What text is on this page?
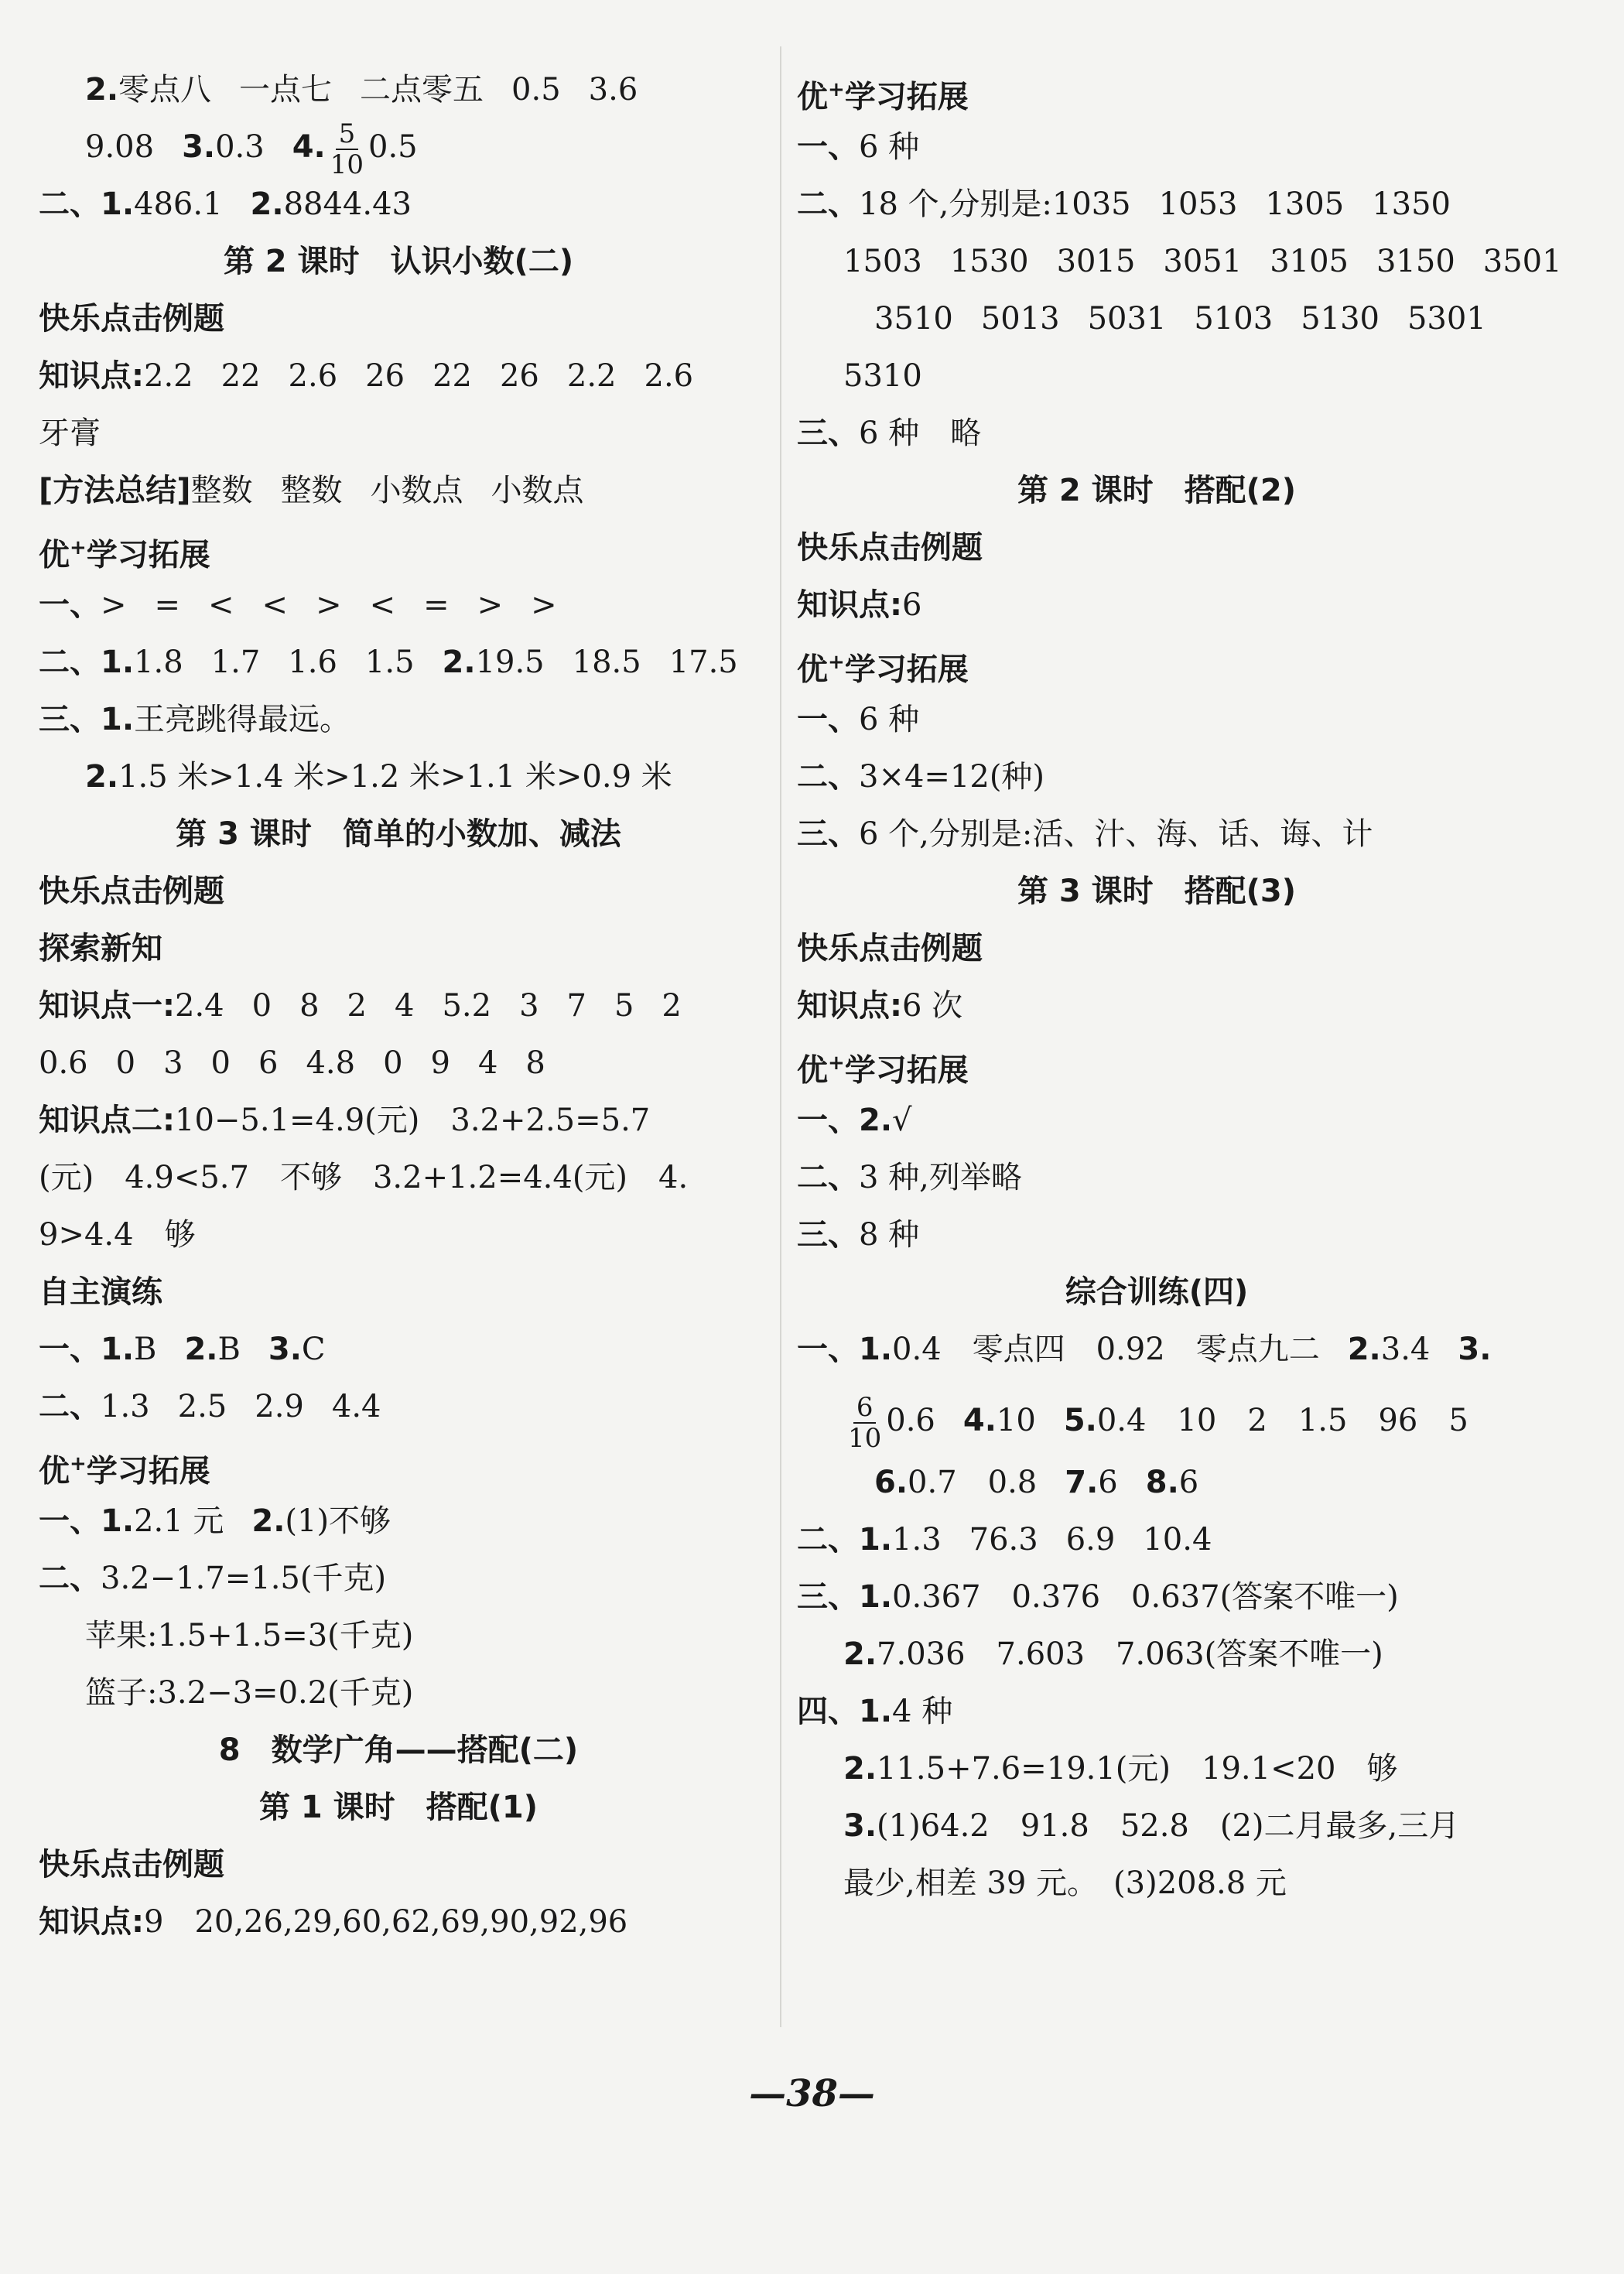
2.零点八 一点七 二点零五 0.5 3.6
9.08 3.0.3 4. $\frac{5}{10} 0.5$
二、1.486.1 2.8844.43
第 2 课时　认识小数(二)
快乐点击例题
知识点:2.2 22 2.6 26 22 26 2.2 2.6
牙膏
[方法总结]整数 整数 小数点 小数点
优+学习拓展
一、> = < < > < = > >
二、1.1.8 1.7 1.6 1.5 2.19.5 18.5 17.5
三、1.王亮跳得最远。
2.1.5 米>1.4 米>1.2 米>1.1 米>0.9 米
第 3 课时　简单的小数加、减法
快乐点击例题
探索新知
知识点一:2.4 0 8 2 4 5.2 3 7 5 2
0.6 0 3 0 6 4.8 0 9 4 8
知识点二:10−5.1=4.9(元)　3.2+2.5=5.7
(元)　4.9<5.7　不够　3.2+1.2=4.4(元)　4.
9>4.4　够
自主演练
一、1.B 2.B 3.C
二、1.3 2.5 2.9 4.4
优+学习拓展
一、1.2.1 元 2.(1)不够
二、3.2−1.7=1.5(千克)
苹果:1.5+1.5=3(千克)
篮子:3.2−3=0.2(千克)
8　数学广角——搭配(二)
第 1 课时　搭配(1)
快乐点击例题
知识点:9　20,26,29,60,62,69,90,92,96
优+学习拓展
一、6 种
二、18 个,分别是:1035 1053 1305 1350
1503 1530 3015 3051 3105 3150 3501
3510 5013 5031 5103 5130 5301
5310
三、6 种　略
第 2 课时　搭配(2)
快乐点击例题
知识点:6
优+学习拓展
一、6 种
二、3×4=12(种)
三、6 个,分别是:活、汁、海、话、诲、计
第 3 课时　搭配(3)
快乐点击例题
知识点:6 次
优+学习拓展
一、2.√
二、3 种,列举略
三、8 种
综合训练(四)
一、1.0.4　零点四　0.92　零点九二 2.3.4 3.
$\frac{6}{10} 0.6$ 4.10 5.0.4　10　2　1.5　96　5
6.0.7　0.8 7.6 8.6
二、1.1.3 76.3 6.9 10.4
三、1.0.367　0.376　0.637(答案不唯一)
2.7.036　7.603　7.063(答案不唯一)
四、1.4 种
2.11.5+7.6=19.1(元)　19.1<20　够
3.(1)64.2　91.8　52.8　(2)二月最多,三月
最少,相差 39 元。　(3)208.8 元
—38—
